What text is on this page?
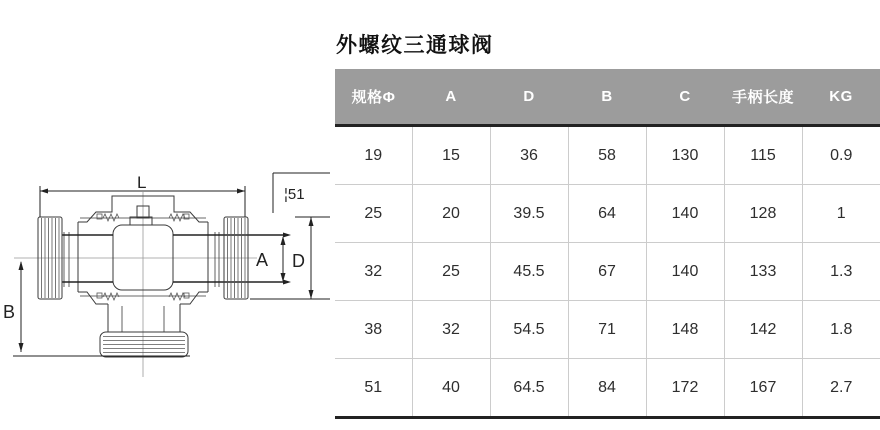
L
¦51
D
A
B
外螺纹三通球阀
规格Φ	A	D	B	C	手柄长度	KG
19	15	36	58	130	115	0.9
25	20	39.5	64	140	128	1
32	25	45.5	67	140	133	1.3
38	32	54.5	71	148	142	1.8
51	40	64.5	84	172	167	2.7
